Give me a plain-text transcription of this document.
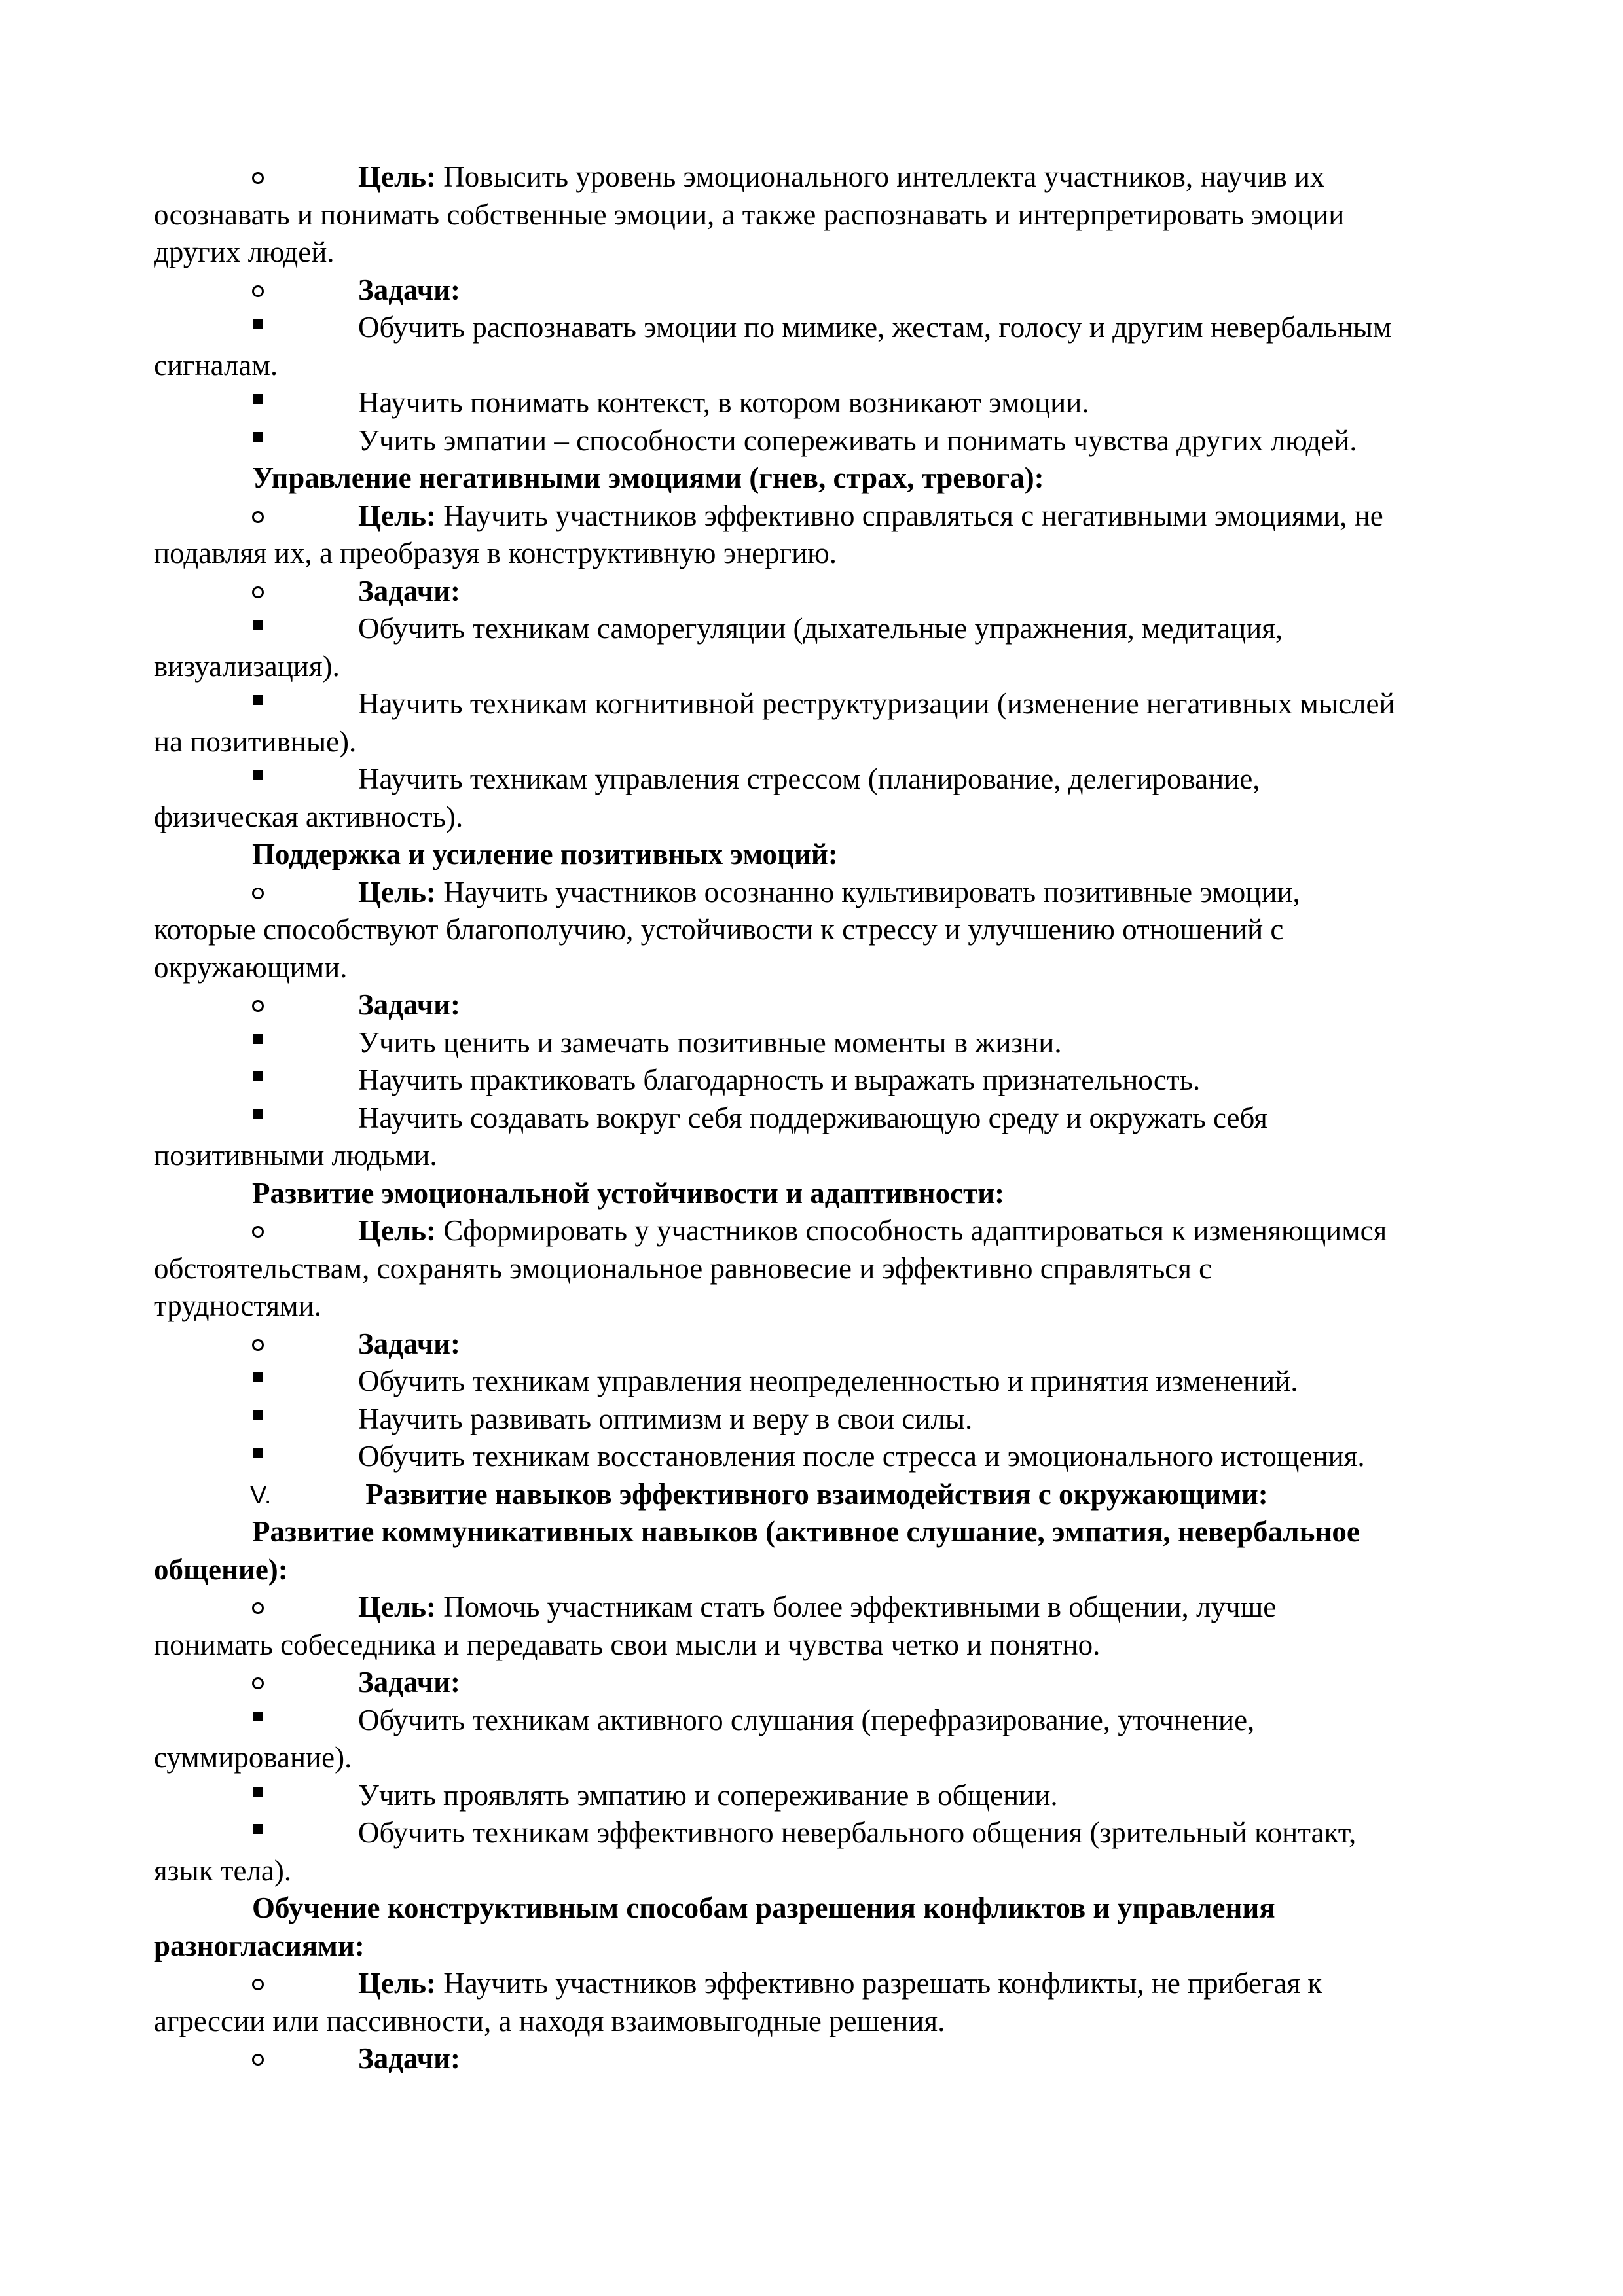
Цель: Повысить уровень эмоционального интеллекта участников, научив их
осознавать и понимать собственные эмоции, а также распознавать и интерпретировать эмоции
других людей.
Задачи:
Обучить распознавать эмоции по мимике, жестам, голосу и другим невербальным
сигналам.
Научить понимать контекст, в котором возникают эмоции.
Учить эмпатии – способности сопереживать и понимать чувства других людей.
Управление негативными эмоциями (гнев, страх, тревога):
Цель: Научить участников эффективно справляться с негативными эмоциями, не
подавляя их, а преобразуя в конструктивную энергию.
Задачи:
Обучить техникам саморегуляции (дыхательные упражнения, медитация,
визуализация).
Научить техникам когнитивной реструктуризации (изменение негативных мыслей
на позитивные).
Научить техникам управления стрессом (планирование, делегирование,
физическая активность).
Поддержка и усиление позитивных эмоций:
Цель: Научить участников осознанно культивировать позитивные эмоции,
которые способствуют благополучию, устойчивости к стрессу и улучшению отношений с
окружающими.
Задачи:
Учить ценить и замечать позитивные моменты в жизни.
Научить практиковать благодарность и выражать признательность.
Научить создавать вокруг себя поддерживающую среду и окружать себя
позитивными людьми.
Развитие эмоциональной устойчивости и адаптивности:
Цель: Сформировать у участников способность адаптироваться к изменяющимся
обстоятельствам, сохранять эмоциональное равновесие и эффективно справляться с
трудностями.
Задачи:
Обучить техникам управления неопределенностью и принятия изменений.
Научить развивать оптимизм и веру в свои силы.
Обучить техникам восстановления после стресса и эмоционального истощения.
V.	Развитие навыков эффективного взаимодействия с окружающими:
Развитие коммуникативных навыков (активное слушание, эмпатия, невербальное
общение):
Цель: Помочь участникам стать более эффективными в общении, лучше
понимать собеседника и передавать свои мысли и чувства четко и понятно.
Задачи:
Обучить техникам активного слушания (перефразирование, уточнение,
суммирование).
Учить проявлять эмпатию и сопереживание в общении.
Обучить техникам эффективного невербального общения (зрительный контакт,
язык тела).
Обучение конструктивным способам разрешения конфликтов и управления
разногласиями:
Цель: Научить участников эффективно разрешать конфликты, не прибегая к
агрессии или пассивности, а находя взаимовыгодные решения.
Задачи:
